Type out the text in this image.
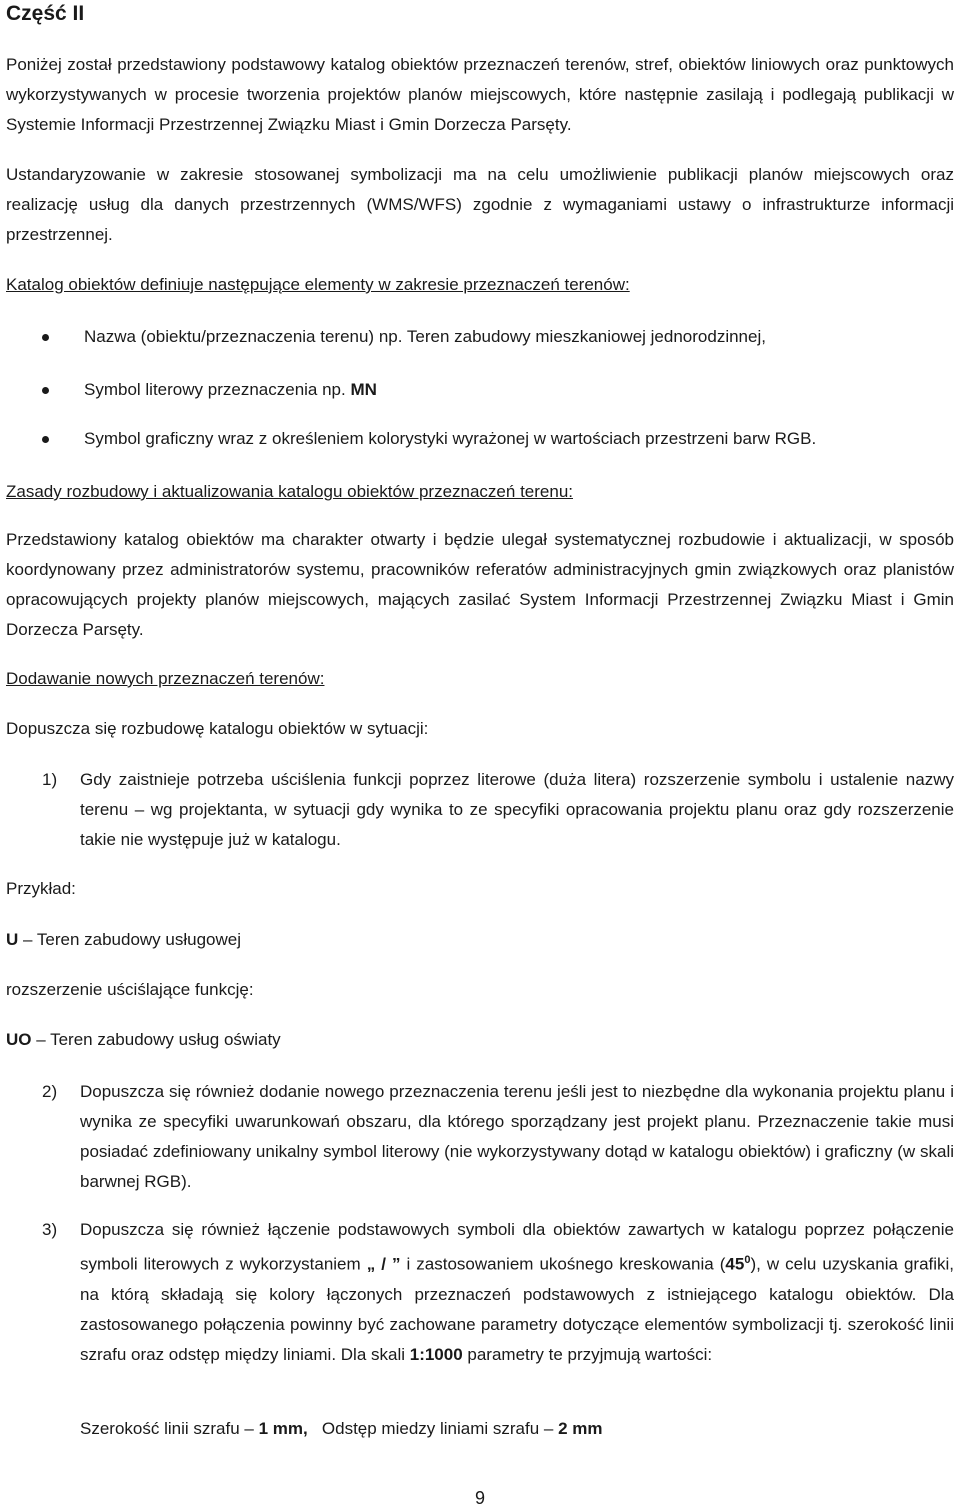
Część II
Poniżej został przedstawiony podstawowy katalog obiektów przeznaczeń terenów, stref, obiektów liniowych oraz punktowych wykorzystywanych w procesie tworzenia projektów planów miejscowych, które następnie zasilają i podlegają publikacji w Systemie Informacji Przestrzennej Związku Miast i Gmin Dorzecza Parsęty.
Ustandaryzowanie w zakresie stosowanej symbolizacji ma na celu umożliwienie publikacji planów miejscowych oraz realizację usług dla danych przestrzennych (WMS/WFS) zgodnie z wymaganiami ustawy o infrastrukturze informacji przestrzennej.
Katalog obiektów definiuje następujące elementy w zakresie przeznaczeń terenów:
Nazwa (obiektu/przeznaczenia terenu) np. Teren zabudowy mieszkaniowej jednorodzinnej,
Symbol literowy przeznaczenia np. MN
Symbol graficzny wraz z określeniem kolorystyki wyrażonej w wartościach przestrzeni barw RGB.
Zasady rozbudowy i aktualizowania katalogu obiektów przeznaczeń terenu:
Przedstawiony katalog obiektów ma charakter otwarty i będzie ulegał systematycznej rozbudowie i aktualizacji, w sposób koordynowany przez administratorów systemu, pracowników referatów administracyjnych gmin związkowych oraz planistów opracowujących projekty planów miejscowych, mających zasilać System Informacji Przestrzennej Związku Miast i Gmin Dorzecza Parsęty.
Dodawanie nowych przeznaczeń terenów:
Dopuszcza się rozbudowę katalogu obiektów w sytuacji:
1) Gdy zaistnieje potrzeba uściślenia funkcji poprzez literowe (duża litera) rozszerzenie symbolu i ustalenie nazwy terenu – wg projektanta, w sytuacji gdy wynika to ze specyfiki opracowania projektu planu oraz gdy rozszerzenie takie nie występuje już w katalogu.
Przykład:
U – Teren zabudowy usługowej
rozszerzenie uściślające funkcję:
UO – Teren zabudowy usług oświaty
2) Dopuszcza się również dodanie nowego przeznaczenia terenu jeśli jest to niezbędne dla wykonania projektu planu i wynika ze specyfiki uwarunkowań obszaru, dla którego sporządzany jest projekt planu. Przeznaczenie takie musi posiadać zdefiniowany unikalny symbol literowy (nie wykorzystywany dotąd w katalogu obiektów) i graficzny (w skali barwnej RGB).
3) Dopuszcza się również łączenie podstawowych symboli dla obiektów zawartych w katalogu poprzez połączenie symboli literowych z wykorzystaniem „ / ” i zastosowaniem ukośnego kreskowania $(45^0)$, w celu uzyskania grafiki, na którą składają się kolory łączonych przeznaczeń podstawowych z istniejącego katalogu obiektów. Dla zastosowanego połączenia powinny być zachowane parametry dotyczące elementów symbolizacji tj. szerokość linii szrafu oraz odstęp między liniami. Dla skali 1:1000 parametry te przyjmują wartości:
Szerokość linii szrafu – 1 mm,   Odstęp miedzy liniami szrafu – 2 mm
9
